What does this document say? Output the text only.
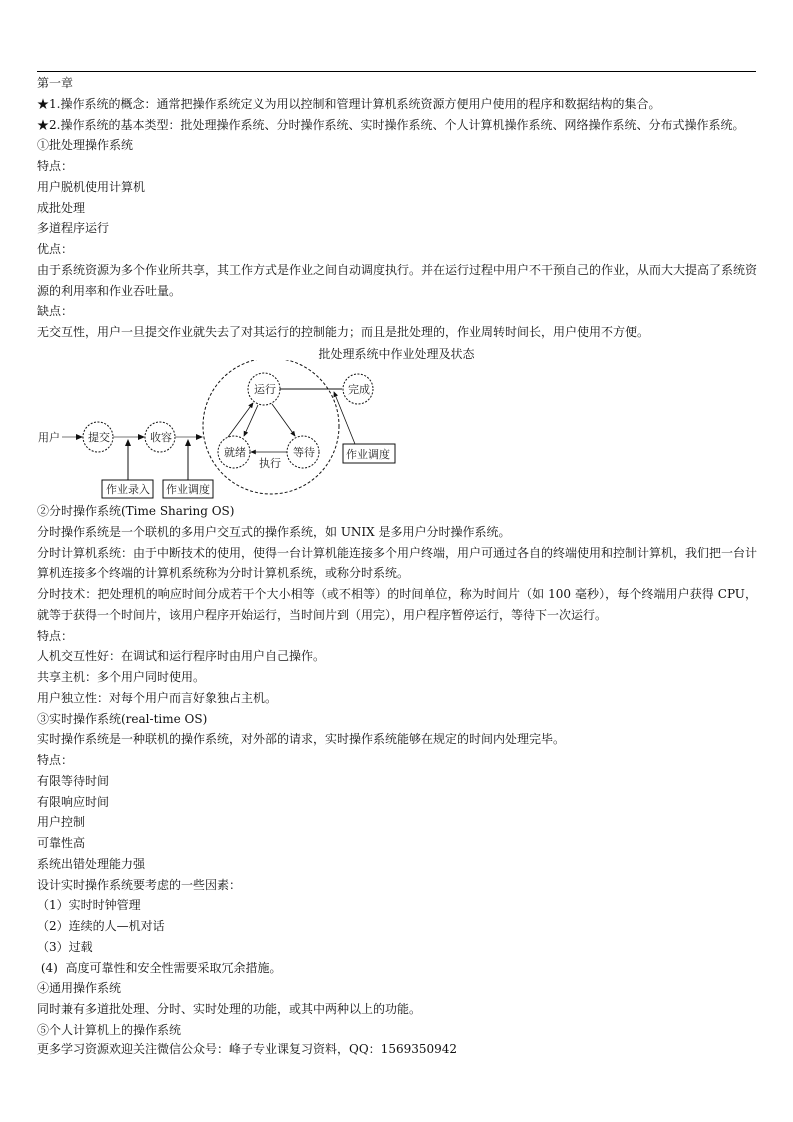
第一章
★1.操作系统的概念：通常把操作系统定义为用以控制和管理计算机系统资源方便用户使用的程序和数据结构的集合。
★2.操作系统的基本类型：批处理操作系统、分时操作系统、实时操作系统、个人计算机操作系统、网络操作系统、分布式操作系统。
①批处理操作系统
特点：
用户脱机使用计算机
成批处理
多道程序运行
优点：
由于系统资源为多个作业所共享，其工作方式是作业之间自动调度执行。并在运行过程中用户不干预自己的作业，从而大大提高了系统资源的利用率和作业吞吐量。
缺点：
无交互性，用户一旦提交作业就失去了对其运行的控制能力；而且是批处理的，作业周转时间长，用户使用不方便。
批处理系统中作业处理及状态
用户	提交	收容
作业录入 作业调度
运行
就绪	等待
执行
完成
作业调度
②分时操作系统(Time Sharing OS)
分时操作系统是一个联机的多用户交互式的操作系统，如 UNIX 是多用户分时操作系统。
分时计算机系统：由于中断技术的使用，使得一台计算机能连接多个用户终端，用户可通过各自的终端使用和控制计算机，我们把一台计算机连接多个终端的计算机系统称为分时计算机系统，或称分时系统。
分时技术：把处理机的响应时间分成若干个大小相等（或不相等）的时间单位，称为时间片（如 100 毫秒），每个终端用户获得 CPU，就等于获得一个时间片，该用户程序开始运行，当时间片到（用完），用户程序暂停运行，等待下一次运行。
特点：
人机交互性好：在调试和运行程序时由用户自己操作。
共享主机：多个用户同时使用。
用户独立性：对每个用户而言好象独占主机。
③实时操作系统(real-time OS)
实时操作系统是一种联机的操作系统，对外部的请求，实时操作系统能够在规定的时间内处理完毕。
特点：
有限等待时间
有限响应时间
用户控制
可靠性高
系统出错处理能力强
设计实时操作系统要考虑的一些因素：
（1）实时时钟管理
（2）连续的人—机对话
（3）过载
(4)  高度可靠性和安全性需要采取冗余措施。
④通用操作系统
同时兼有多道批处理、分时、实时处理的功能，或其中两种以上的功能。
⑤个人计算机上的操作系统
更多学习资源欢迎关注微信公众号：峰子专业课复习资料，QQ：1569350942
